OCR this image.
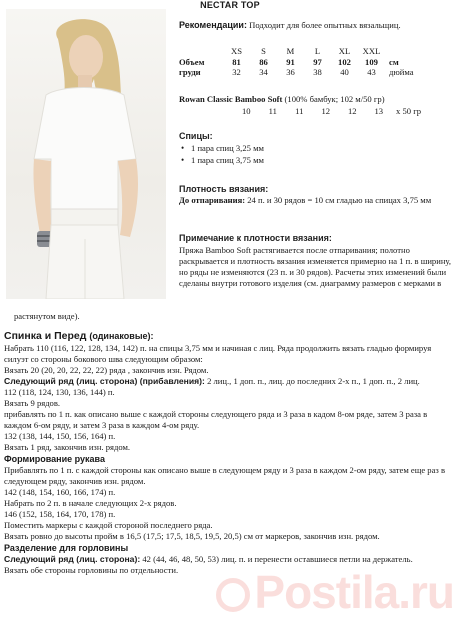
NECTAR TOP
Рекомендации: Подходит для более опытных вязальщиц.
	XS	S	M	L	XL	XXL	
Объем	81	86	91	97	102	109	см
груди	32	34	36	38	40	43	дюйма
Rowan Classic Bamboo Soft (100% бамбук; 102 м/50 гр)
10 11 11 12 12 13 х 50 гр
Спицы:
• 1 пара спиц 3,25 мм
• 1 пара спиц 3,75 мм
Плотность вязания:
До отпаривания: 24 п. и 30 рядов = 10 см гладью на спицах 3,75 мм
Примечание к плотности вязания:
Пряжа Bamboo Soft растягивается после отпаривания; полотно раскрывается и плотность вязания изменяется примерно на 1 п. в ширину, но ряды не изменяются (23 п. и 30 рядов). Расчеты этих изменений были сделаны внутри готового изделия (см. диаграмму размеров с мерками в
растянутом виде).
Postila.ru
Спинка и Перед (одинаковые):

Набрать 110 (116, 122, 128, 134, 142) п. на спицы 3,75 мм и начиная с лиц. Ряда продолжить вязать гладью формируя силуэт со стороны бокового шва следующим образом:

Вязать 20 (20, 20, 22, 22, 22) ряда , закончив изн. Рядом.

Следующий ряд (лиц. сторона) (прибавления): 2 лиц., 1 доп. п., лиц. до последних 2-х п., 1 доп. п., 2 лиц.

112 (118, 124, 130, 136, 144) п.

Вязать 9 рядов.

прибавлять по 1 п. как описано выше с каждой стороны следующего ряда и 3 раза в кадом 8-ом ряде, затем 3 раза в каждом 6-ом ряду, и затем 3 раза в каждом 4-ом ряду.

132 (138, 144, 150, 156, 164) п.

Вязать 1 ряд, закончив изн. рядом.

Формирование рукава

Прибавлять по 1 п. с каждой стороны как описано выше в следующем ряду и 3 раза в каждом 2-ом ряду, затем еще раз в следующем ряду, закончив изн. рядом.

142 (148, 154, 160, 166, 174) п.

Набрать по 2 п. в начале следующих 2-х рядов.

146 (152, 158, 164, 170, 178) п.

Поместить маркеры с каждой стороной последнего ряда.

Вязать ровно до высоты пройм в 16,5 (17,5; 17,5, 18,5, 19,5, 20,5) см от маркеров, закончив изн. рядом.

Разделение для горловины

Следующий ряд (лиц. сторона): 42 (44, 46, 48, 50, 53) лиц. п. и перенести оставшиеся петли на держатель.

Вязать обе стороны горловины по отдельности.
